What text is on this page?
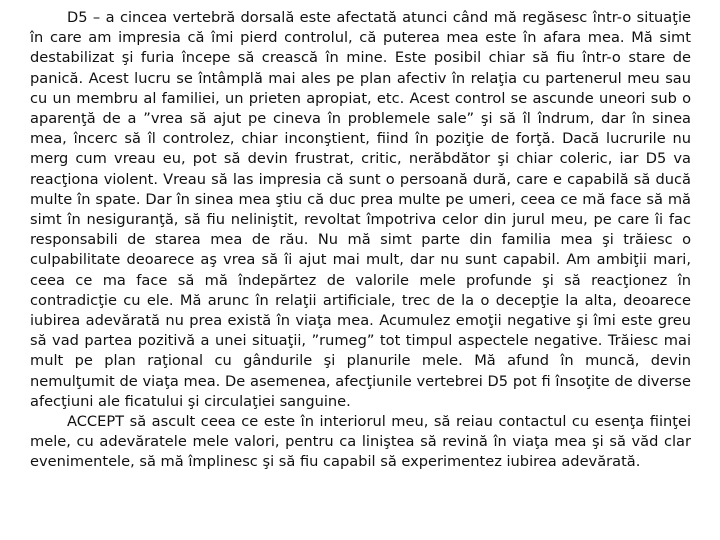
D5 – a cincea vertebră dorsală este afectată atunci când mă regăsesc într-o situaţie în care am impresia că îmi pierd controlul, că puterea mea este în afara mea. Mă simt destabilizat şi furia începe să crească în mine. Este posibil chiar să fiu într-o stare de panică. Acest lucru se întâmplă mai ales pe plan afectiv în relaţia cu partenerul meu sau cu un membru al familiei, un prieten apropiat, etc. Acest control se ascunde uneori sub o aparenţă de a ”vrea să ajut pe cineva în problemele sale” şi să îl îndrum, dar în sinea mea, încerc să îl controlez, chiar inconştient, fiind în poziţie de forţă. Dacă lucrurile nu merg cum vreau eu, pot să devin frustrat, critic, nerăbdător şi chiar coleric, iar D5 va reacţiona violent. Vreau să las impresia că sunt o persoană dură, care e capabilă să ducă multe în spate. Dar în sinea mea ştiu că duc prea multe pe umeri, ceea ce mă face să mă simt în nesiguranţă, să fiu neliniştit, revoltat împotriva celor din jurul meu, pe care îi fac responsabili de starea mea de rău. Nu mă simt parte din familia mea şi trăiesc o culpabilitate deoarece aş vrea să îi ajut mai mult, dar nu sunt capabil. Am ambiţii mari, ceea ce ma face să mă îndepărtez de valorile mele profunde şi să reacţionez în contradicţie cu ele. Mă arunc în relaţii artificiale, trec de la o decepţie la alta, deoarece iubirea adevărată nu prea există în viaţa mea. Acumulez emoţii negative şi îmi este greu să vad partea pozitivă a unei situaţii, ”rumeg” tot timpul aspectele negative. Trăiesc mai mult pe plan raţional cu gândurile şi planurile mele. Mă afund în muncă, devin nemulţumit de viaţa mea. De asemenea, afecţiunile vertebrei D5 pot fi însoţite de diverse afecţiuni ale ficatului şi circulaţiei sanguine.

ACCEPT să ascult ceea ce este în interiorul meu, să reiau contactul cu esenţa fiinţei mele, cu adevăratele mele valori, pentru ca liniştea să revină în viaţa mea şi să văd clar evenimentele, să mă împlinesc şi să fiu capabil să experimentez iubirea adevărată.
